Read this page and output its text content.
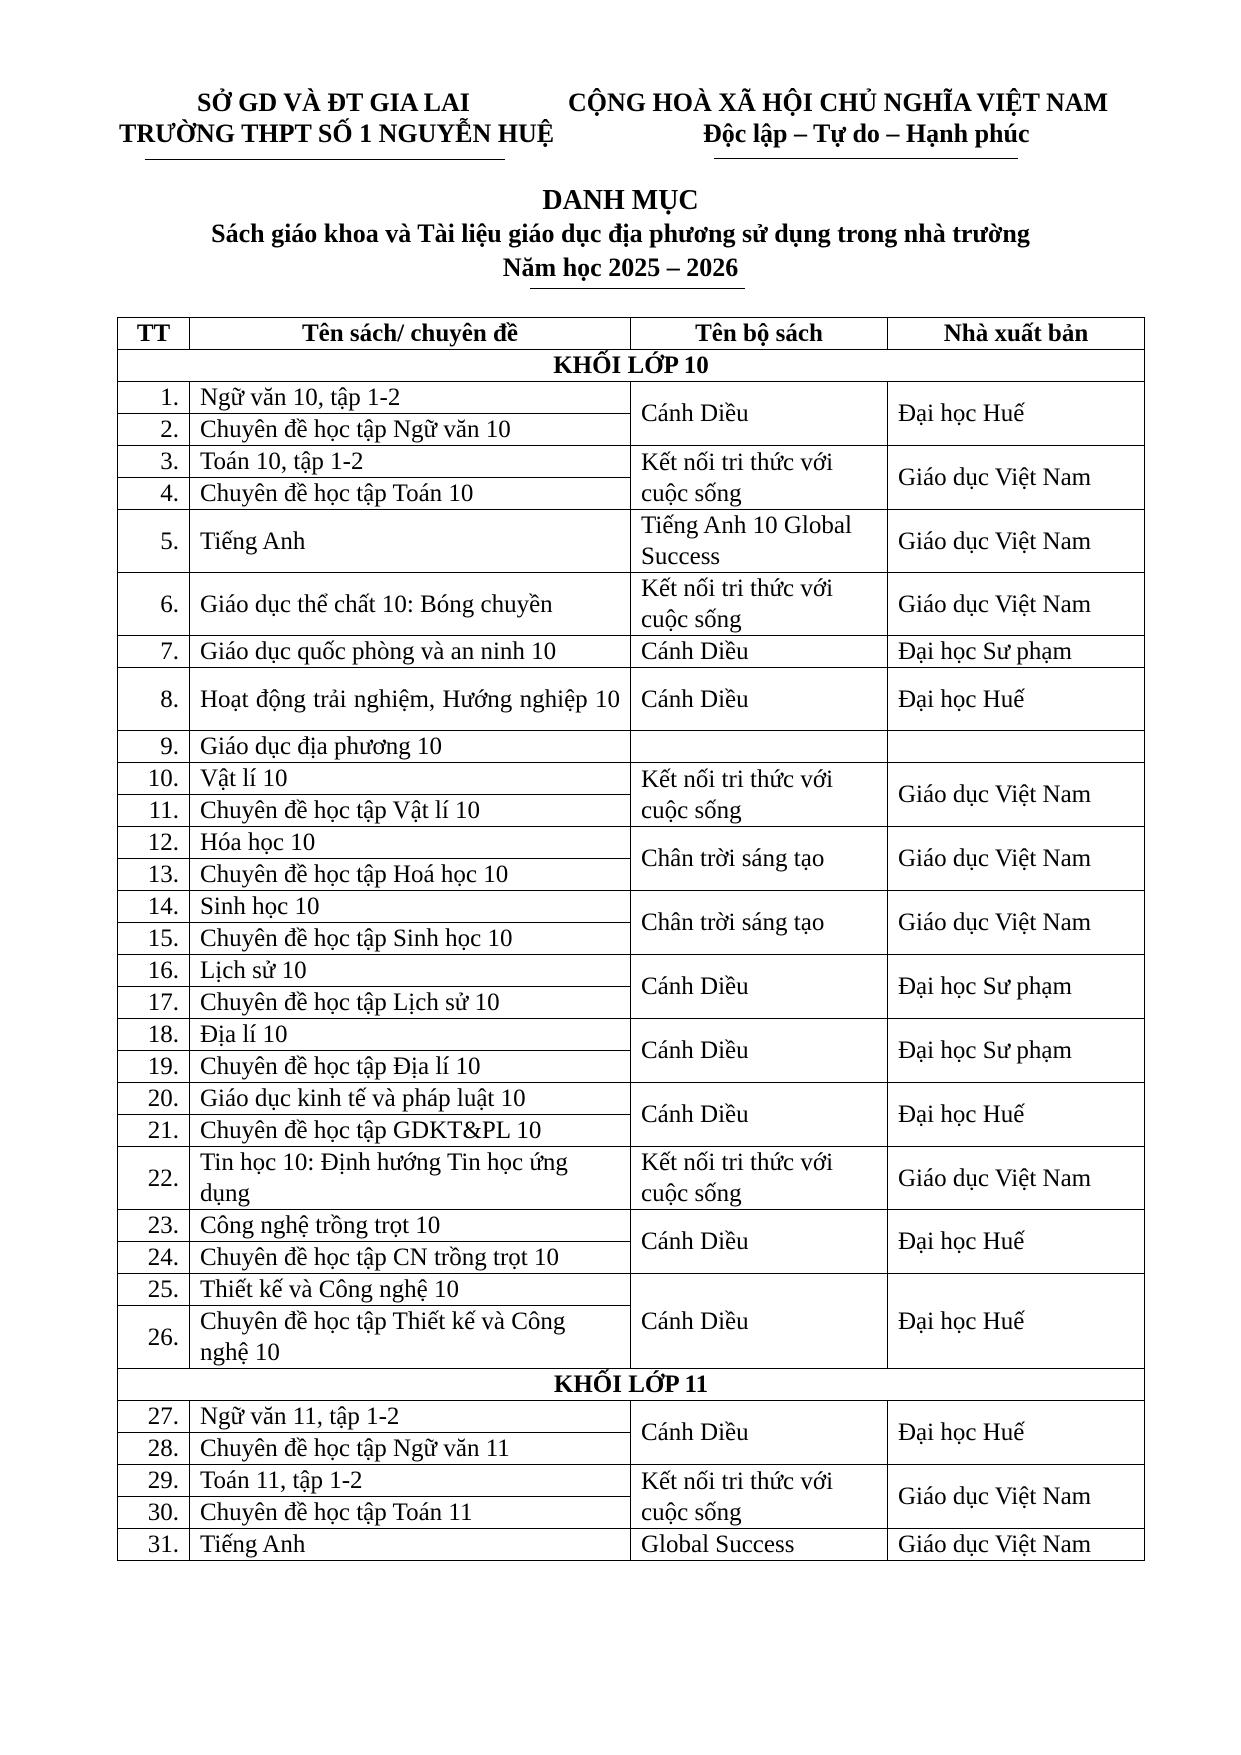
SỞ GD VÀ ĐT GIA LAI
TRƯỜNG THPT SỐ 1 NGUYỄN HUỆ
CỘNG HOÀ XÃ HỘI CHỦ NGHĨA VIỆT NAM
Độc lập – Tự do – Hạnh phúc
DANH MỤC
Sách giáo khoa và Tài liệu giáo dục địa phương sử dụng trong nhà trường
Năm học 2025 – 2026
TT	Tên sách/ chuyên đề	Tên bộ sách	Nhà xuất bản
KHỐI LỚP 10			
1.	Ngữ văn 10, tập 1-2	Cánh Diều	Đại học Huế
2.	Chuyên đề học tập Ngữ văn 10		
3.	Toán 10, tập 1-2	Kết nối tri thức với cuộc sống	Giáo dục Việt Nam
4.	Chuyên đề học tập Toán 10		
5.	Tiếng Anh	Tiếng Anh 10 Global Success	Giáo dục Việt Nam
6.	Giáo dục thể chất 10: Bóng chuyền	Kết nối tri thức với cuộc sống	Giáo dục Việt Nam
7.	Giáo dục quốc phòng và an ninh 10	Cánh Diều	Đại học Sư phạm
8.	Hoạt động trải nghiệm, Hướng nghiệp 10	Cánh Diều	Đại học Huế
9.	Giáo dục địa phương 10		
10.	Vật lí 10	Kết nối tri thức với cuộc sống	Giáo dục Việt Nam
11.	Chuyên đề học tập Vật lí 10		
12.	Hóa học 10	Chân trời sáng tạo	Giáo dục Việt Nam
13.	Chuyên đề học tập Hoá học 10		
14.	Sinh học 10	Chân trời sáng tạo	Giáo dục Việt Nam
15.	Chuyên đề học tập Sinh học 10		
16.	Lịch sử 10	Cánh Diều	Đại học Sư phạm
17.	Chuyên đề học tập Lịch sử 10		
18.	Địa lí 10	Cánh Diều	Đại học Sư phạm
19.	Chuyên đề học tập Địa lí 10		
20.	Giáo dục kinh tế và pháp luật 10	Cánh Diều	Đại học Huế
21.	Chuyên đề học tập GDKT&PL 10		
22.	Tin học 10: Định hướng Tin học ứng dụng	Kết nối tri thức với cuộc sống	Giáo dục Việt Nam
23.	Công nghệ trồng trọt 10	Cánh Diều	Đại học Huế
24.	Chuyên đề học tập CN trồng trọt 10		
25.	Thiết kế và Công nghệ 10	Cánh Diều	Đại học Huế
26.	Chuyên đề học tập Thiết kế và Công nghệ 10		
KHỐI LỚP 11			
27.	Ngữ văn 11, tập 1-2	Cánh Diều	Đại học Huế
28.	Chuyên đề học tập Ngữ văn 11		
29.	Toán 11, tập 1-2	Kết nối tri thức với cuộc sống	Giáo dục Việt Nam
30.	Chuyên đề học tập Toán 11		
31.	Tiếng Anh	Global Success	Giáo dục Việt Nam
